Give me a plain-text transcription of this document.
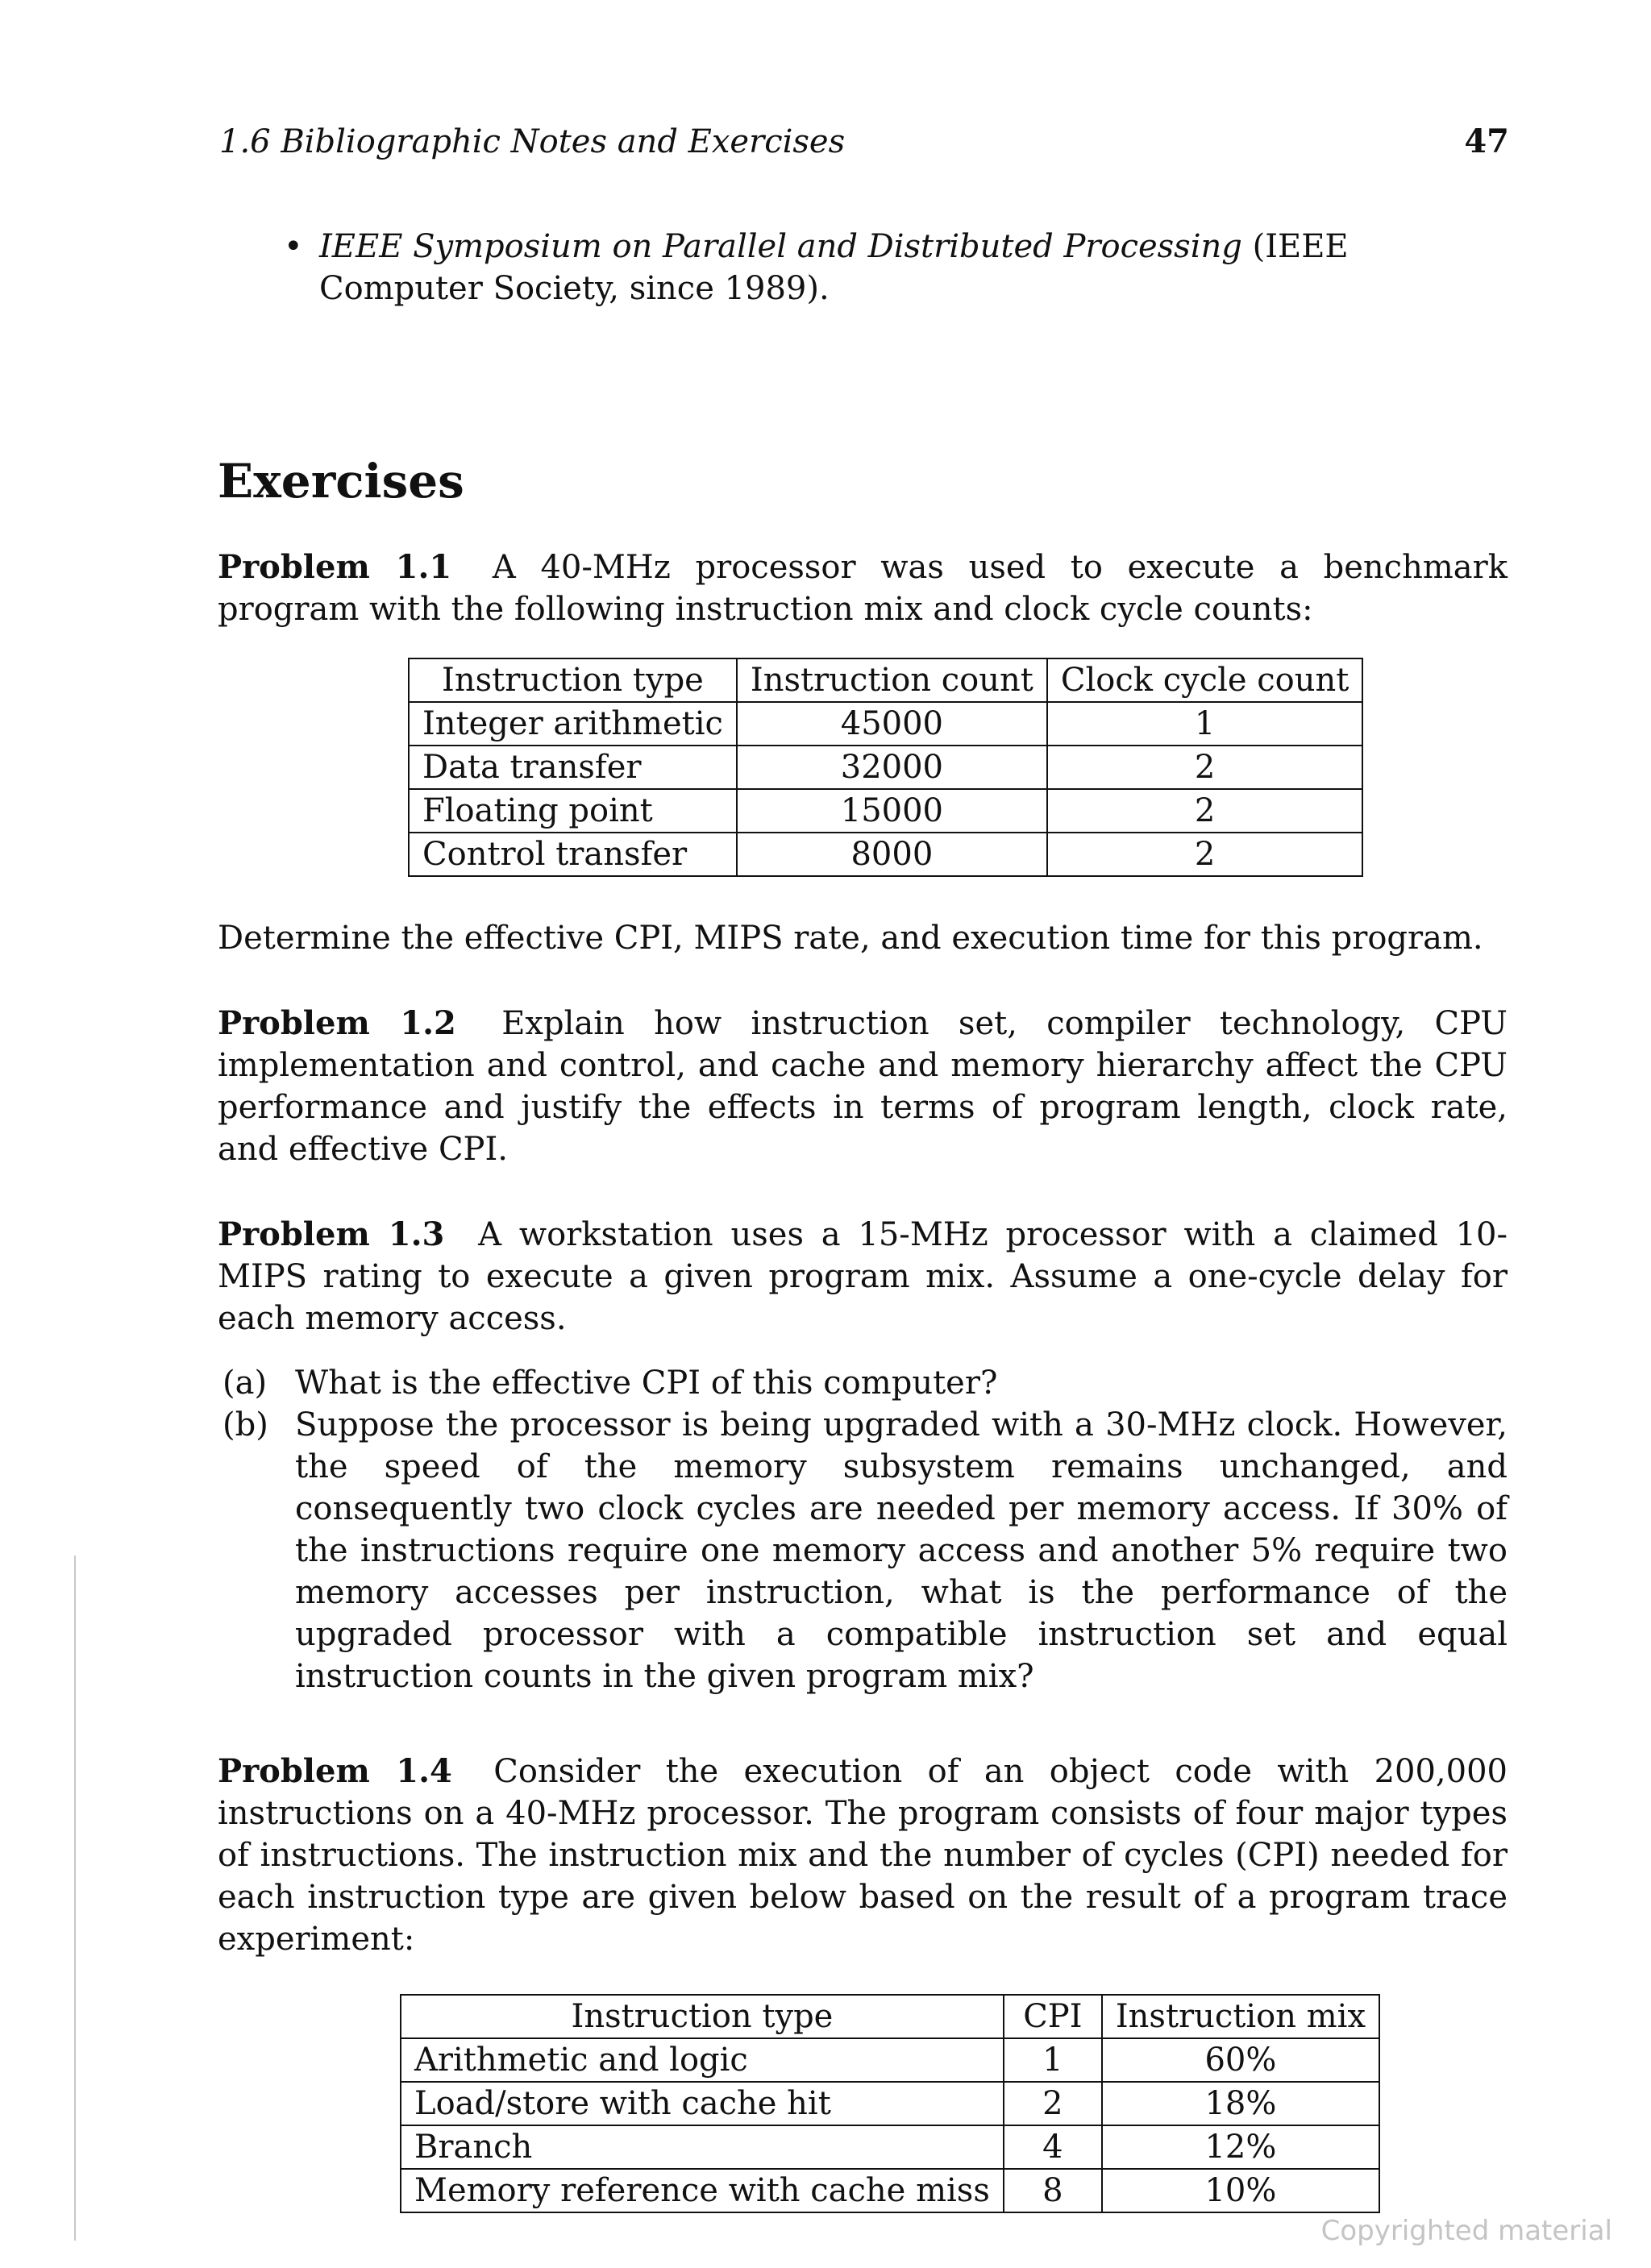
1.6 Bibliographic Notes and Exercises	47
• IEEE Symposium on Parallel and Distributed Processing (IEEE Computer Society, since 1989).
Exercises
Problem 1.1 A 40-MHz processor was used to execute a benchmark program with the following instruction mix and clock cycle counts:
Instruction type	Instruction count	Clock cycle count
Integer arithmetic	45000	1
Data transfer	32000	2
Floating point	15000	2
Control transfer	8000	2
Determine the effective CPI, MIPS rate, and execution time for this program.
Problem 1.2 Explain how instruction set, compiler technology, CPU implementation and control, and cache and memory hierarchy affect the CPU performance and justify the effects in terms of program length, clock rate, and effective CPI.
Problem 1.3 A workstation uses a 15-MHz processor with a claimed 10-MIPS rating to execute a given program mix. Assume a one-cycle delay for each memory access.
(a) What is the effective CPI of this computer?
(b) Suppose the processor is being upgraded with a 30-MHz clock. However, the speed of the memory subsystem remains unchanged, and consequently two clock cycles are needed per memory access. If 30% of the instructions require one memory access and another 5% require two memory accesses per instruction, what is the performance of the upgraded processor with a compatible instruction set and equal instruction counts in the given program mix?
Problem 1.4 Consider the execution of an object code with 200,000 instructions on a 40-MHz processor. The program consists of four major types of instructions. The instruction mix and the number of cycles (CPI) needed for each instruction type are given below based on the result of a program trace experiment:
Instruction type	CPI	Instruction mix
Arithmetic and logic	1	60%
Load/store with cache hit	2	18%
Branch	4	12%
Memory reference with cache miss	8	10%
Copyrighted material
